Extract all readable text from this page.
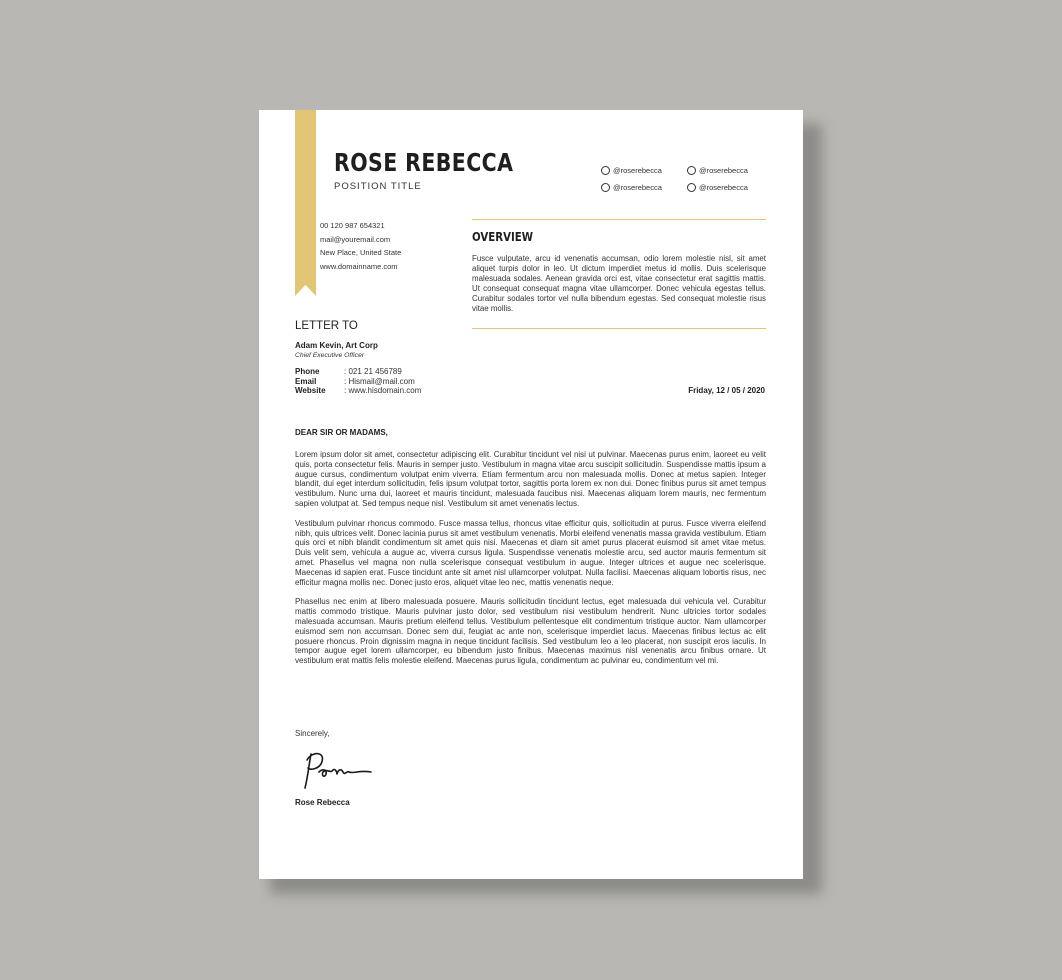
ROSE REBECCA
POSITION TITLE
@roserebecca
@roserebecca
@roserebecca
@roserebecca
00 120 987 654321
mail@youremail.com
New Place, United State
www.domainname.com
OVERVIEW
Fusce vulputate, arcu id venenatis accumsan, odio lorem molestie nisl, sit amet aliquet turpis dolor in leo. Ut dictum imperdiet metus id mollis. Duis scelerisque malesuada sodales. Aenean gravida orci est, vitae consectetur erat sagittis mattis. Ut consequat consequat magna vitae ullamcorper. Donec vehicula egestas tellus. Curabitur sodales tortor vel nulla bibendum egestas. Sed consequat molestie risus vitae mollis.
LETTER TO
Adam Kevin, Art Corp
Chief Executive Officer
Phone	: 021 21 456789
Email	: Hismail@mail.com
Website	: www.hisdomain.com	Friday, 12 / 05 / 2020
DEAR SIR OR MADAMS,

Lorem ipsum dolor sit amet, consectetur adipiscing elit. Curabitur tincidunt vel nisi ut pulvinar. Maecenas purus enim, laoreet eu velit quis, porta consectetur felis. Mauris in semper justo. Vestibulum in magna vitae arcu suscipit sollicitudin. Suspendisse mattis ipsum a augue cursus, condimentum volutpat enim viverra. Etiam fermentum arcu non malesuada mollis. Donec at metus sapien. Integer blandit, dui eget interdum sollicitudin, felis ipsum volutpat tortor, sagittis porta lorem ex non dui. Donec finibus purus sit amet tempus vestibulum. Nunc urna dui, laoreet et mauris tincidunt, malesuada faucibus nisi. Maecenas aliquam lorem mauris, nec fermentum sapien volutpat at. Sed tempus neque nisl. Vestibulum sit amet venenatis lectus.

Vestibulum pulvinar rhoncus commodo. Fusce massa tellus, rhoncus vitae efficitur quis, sollicitudin at purus. Fusce viverra eleifend nibh, quis ultrices velit. Donec lacinia purus sit amet vestibulum venenatis. Morbi eleifend venenatis massa gravida vestibulum. Etiam quis orci et nibh blandit condimentum sit amet quis nisi. Maecenas et diam sit amet purus placerat euismod sit amet vitae metus. Duis velit sem, vehicula a augue ac, viverra cursus ligula. Suspendisse venenatis molestie arcu, sed auctor mauris fermentum sit amet. Phasellus vel magna non nulla scelerisque consequat vestibulum in augue. Integer ultrices et augue nec scelerisque. Maecenas id sapien erat. Fusce tincidunt ante sit amet nisl ullamcorper volutpat. Nulla facilisi. Maecenas aliquam lobortis risus, nec efficitur magna mollis nec. Donec justo eros, aliquet vitae leo nec, mattis venenatis neque.

Phasellus nec enim at libero malesuada posuere. Mauris sollicitudin tincidunt lectus, eget malesuada dui vehicula vel. Curabitur mattis commodo tristique. Mauris pulvinar justo dolor, sed vestibulum nisi vestibulum hendrerit. Nunc ultricies tortor sodales malesuada accumsan. Mauris pretium eleifend tellus. Vestibulum pellentesque elit condimentum tristique auctor. Nam ullamcorper euismod sem non accumsan. Donec sem dui, feugiat ac ante non, scelerisque imperdiet lacus. Maecenas finibus lectus ac elit posuere rhoncus. Proin dignissim magna in neque tincidunt facilisis. Sed vestibulum leo a leo placerat, non suscipit eros iaculis. In tempor augue eget lorem ullamcorper, eu bibendum justo finibus. Maecenas maximus nisl venenatis arcu finibus ornare. Ut vestibulum erat mattis felis molestie eleifend. Maecenas purus ligula, condimentum ac pulvinar eu, condimentum vel mi.

Sincerely,
Rose Rebecca
